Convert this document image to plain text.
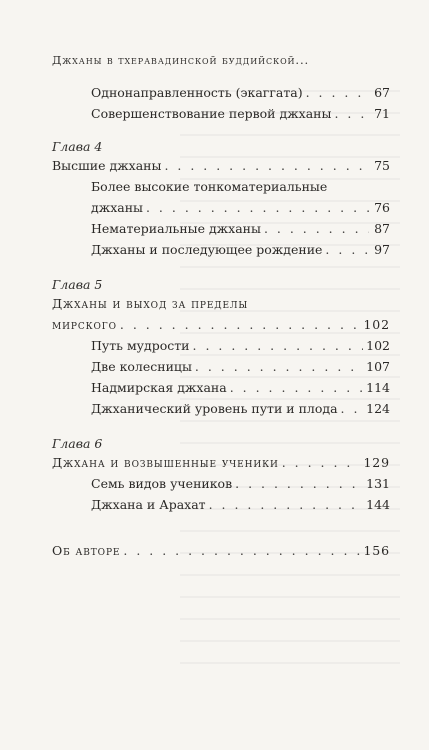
Джханы в тхеравадинской буддийской...
Однонаправленность (экаггата) . . .	67
Совершенствование первой джханы . . .	71
Глава 4
Высшие джханы . . .	75
Более высокие тонкоматериальные
джханы . . .	76
Нематериальные джханы . . .	87
Джханы и последующее рождение . . .	97
Глава 5
Джханы и выход за пределы
мирского . . .	102
Путь мудрости . . .	102
Две колесницы . . .	107
Надмирская джхана . . .	114
Джханический уровень пути и плода . . . 124
Глава 6
Джхана и возвышенные ученики . . .	129
Семь видов учеников . . .	131
Джхана и Арахат . . .	144
Об авторе . . .	156
